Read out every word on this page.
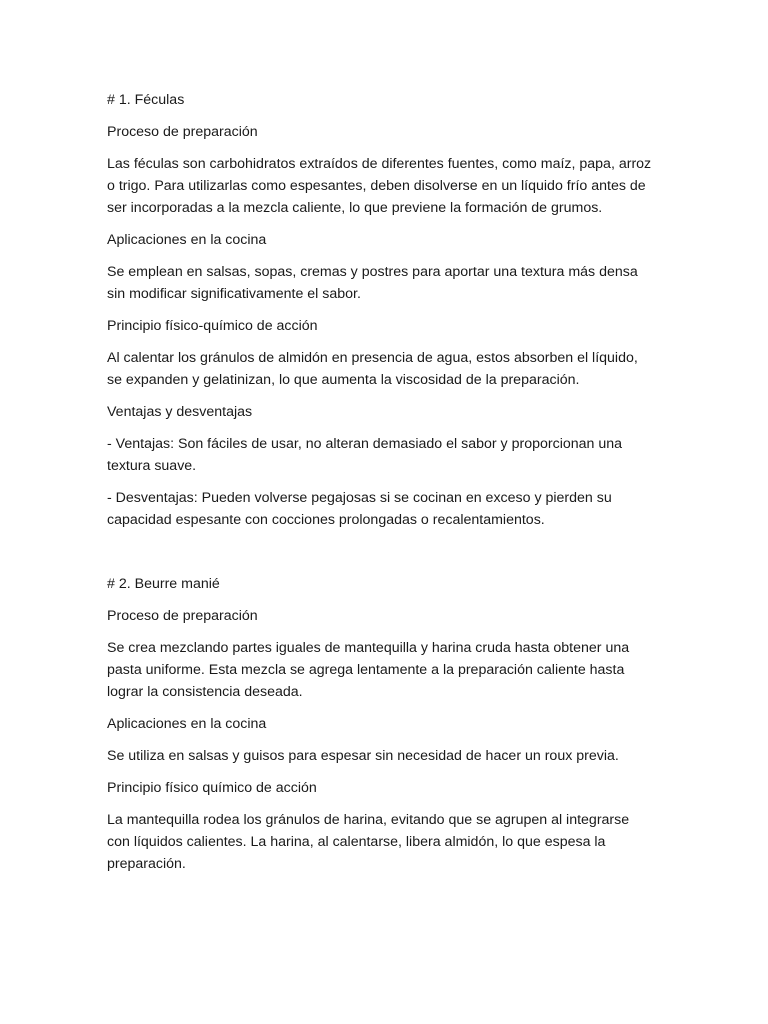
# 1. Féculas

Proceso de preparación

Las féculas son carbohidratos extraídos de diferentes fuentes, como maíz, papa, arroz o trigo. Para utilizarlas como espesantes, deben disolverse en un líquido frío antes de ser incorporadas a la mezcla caliente, lo que previene la formación de grumos.

Aplicaciones en la cocina

Se emplean en salsas, sopas, cremas y postres para aportar una textura más densa sin modificar significativamente el sabor.

Principio físico-químico de acción

Al calentar los gránulos de almidón en presencia de agua, estos absorben el líquido, se expanden y gelatinizan, lo que aumenta la viscosidad de la preparación.

Ventajas y desventajas

- Ventajas: Son fáciles de usar, no alteran demasiado el sabor y proporcionan una textura suave.

- Desventajas: Pueden volverse pegajosas si se cocinan en exceso y pierden su capacidad espesante con cocciones prolongadas o recalentamientos.

# 2. Beurre manié

Proceso de preparación

Se crea mezclando partes iguales de mantequilla y harina cruda hasta obtener una pasta uniforme. Esta mezcla se agrega lentamente a la preparación caliente hasta lograr la consistencia deseada.

Aplicaciones en la cocina

Se utiliza en salsas y guisos para espesar sin necesidad de hacer un roux previa.

Principio físico químico de acción

La mantequilla rodea los gránulos de harina, evitando que se agrupen al integrarse con líquidos calientes. La harina, al calentarse, libera almidón, lo que espesa la preparación.
